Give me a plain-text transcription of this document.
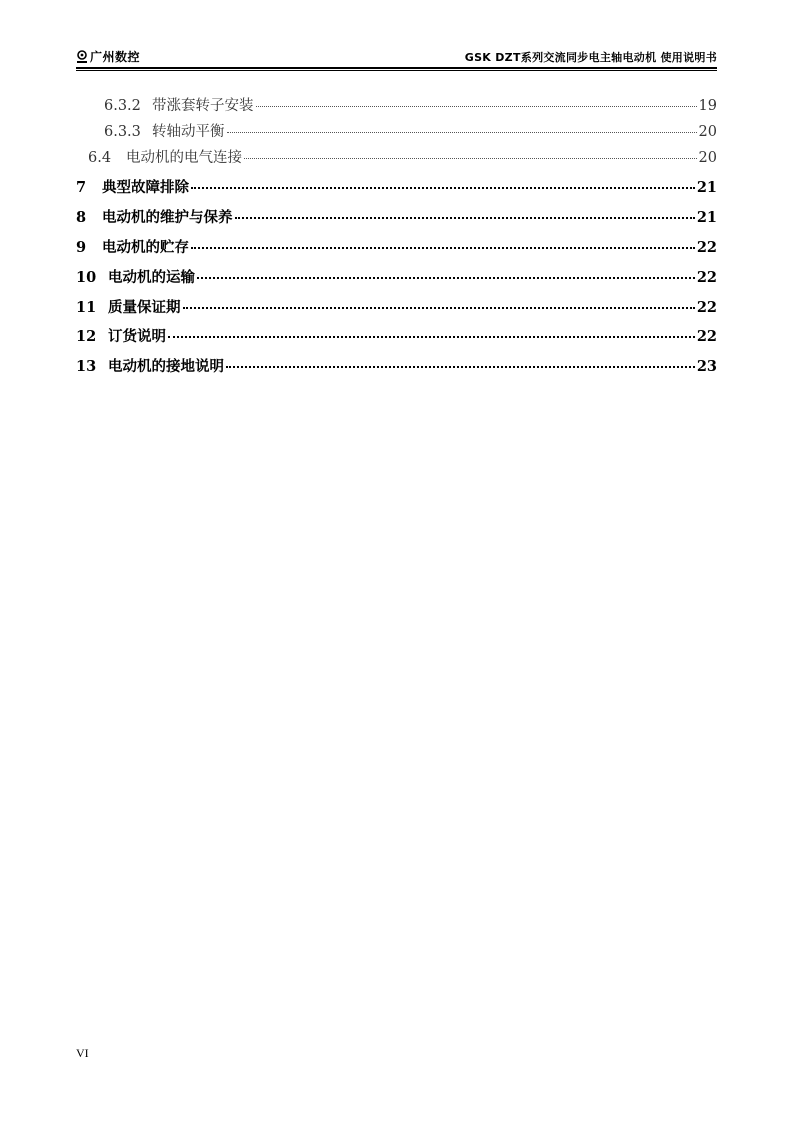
广州数控	GSK DZT系列交流同步电主轴电动机 使用说明书
6.3.2 带涨套转子安装	19
6.3.3 转轴动平衡	20
6.4	电动机的电气连接	20
7	典型故障排除	21
8	电动机的维护与保养	21
9	电动机的贮存	22
10 电动机的运输	22
11 质量保证期	22
12 订货说明	22
13 电动机的接地说明	23
VI
